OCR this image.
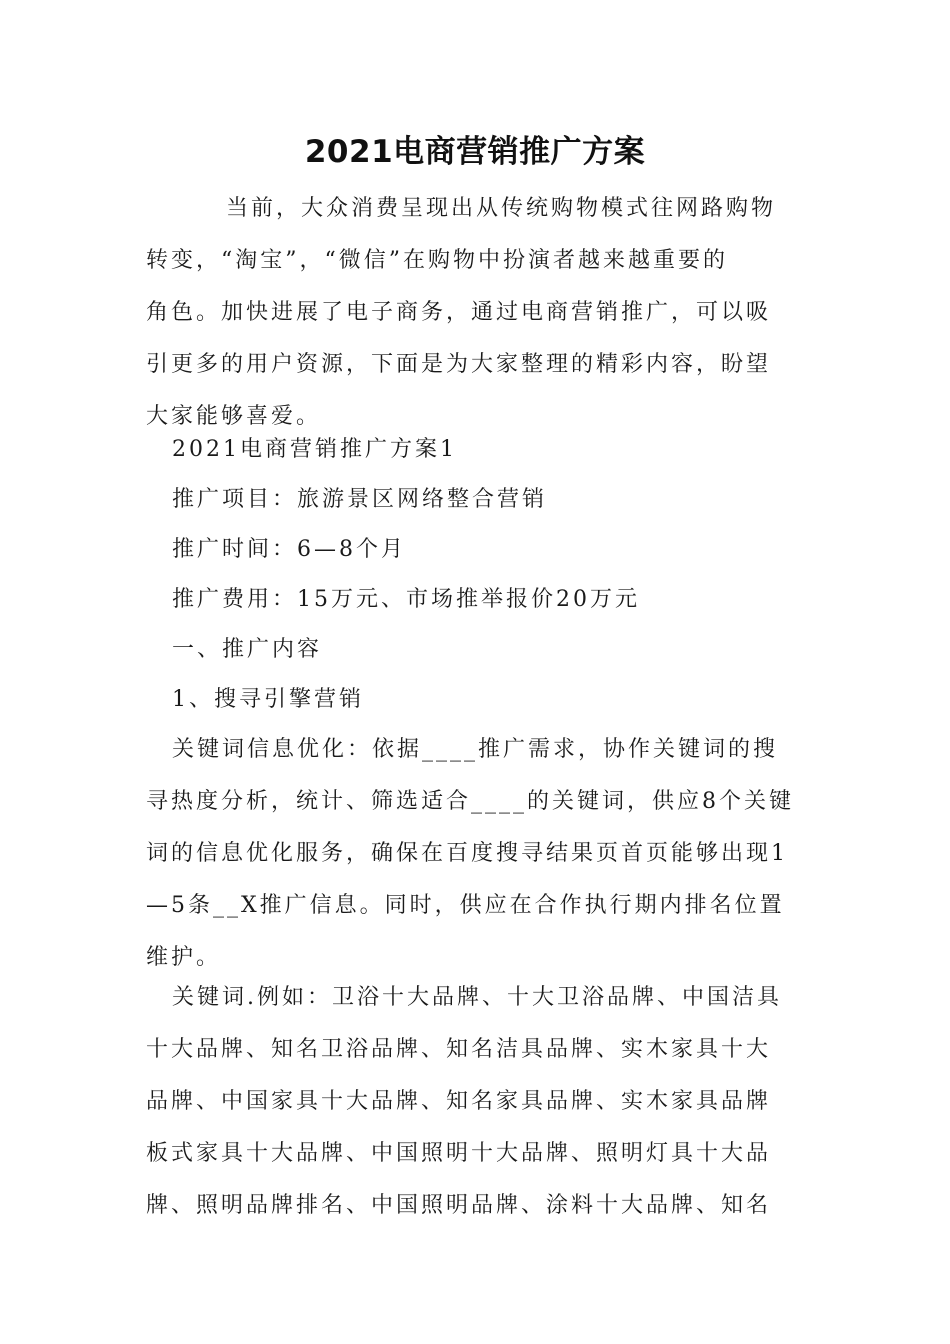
2021电商营销推广方案
当前，大众消费呈现出从传统购物模式往网路购物
转变，“淘宝”，“微信”在购物中扮演者越来越重要的
角色。加快进展了电子商务，通过电商营销推广，可以吸
引更多的用户资源，下面是为大家整理的精彩内容，盼望
大家能够喜爱。
2021电商营销推广方案1
推广项目：旅游景区网络整合营销
推广时间：6—8个月
推广费用：15万元、市场推举报价20万元
一、推广内容
1、搜寻引擎营销
关键词信息优化：依据____推广需求，协作关键词的搜
寻热度分析，统计、筛选适合____的关键词，供应8个关键
词的信息优化服务，确保在百度搜寻结果页首页能够出现1
—5条__X推广信息。同时，供应在合作执行期内排名位置
维护。
关键词.例如：卫浴十大品牌、十大卫浴品牌、中国洁具
十大品牌、知名卫浴品牌、知名洁具品牌、实木家具十大
品牌、中国家具十大品牌、知名家具品牌、实木家具品牌
板式家具十大品牌、中国照明十大品牌、照明灯具十大品
牌、照明品牌排名、中国照明品牌、涂料十大品牌、知名
